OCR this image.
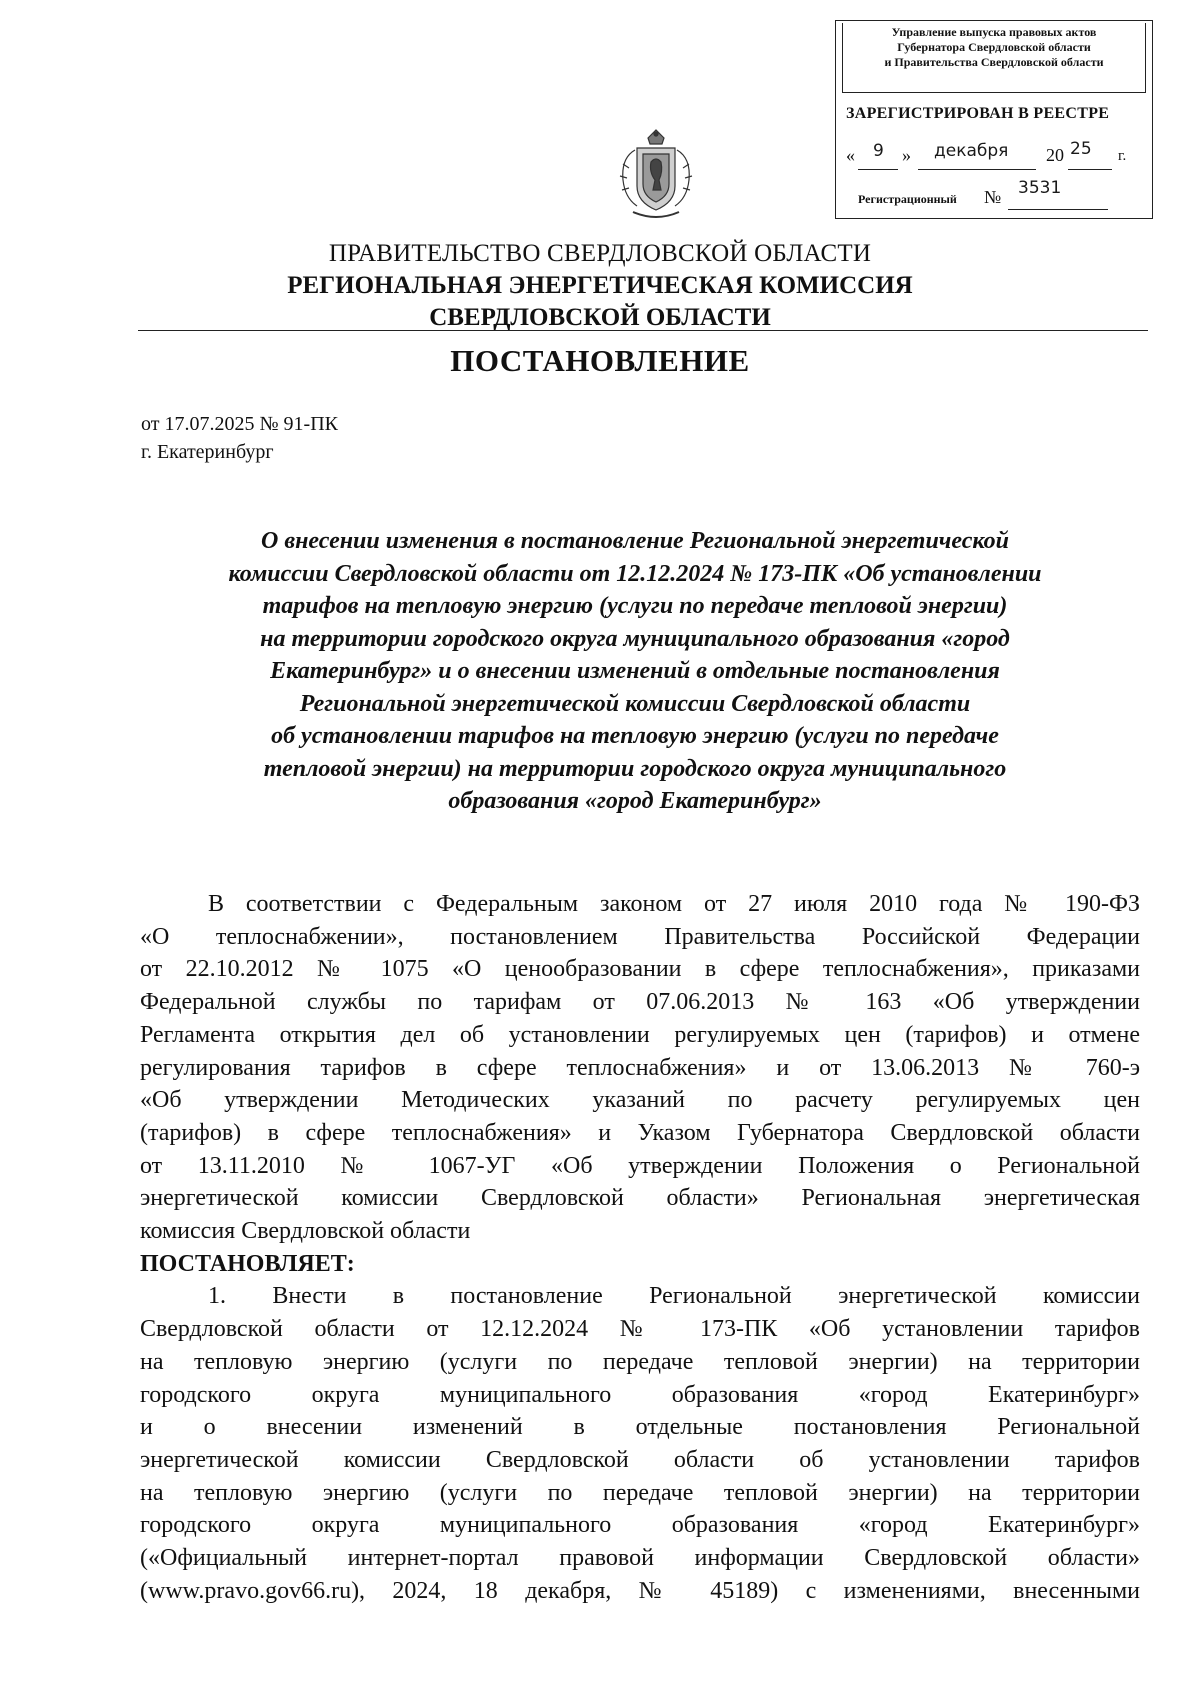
Управление выпуска правовых актов
Губернатора Свердловской области
и Правительства Свердловской области
ЗАРЕГИСТРИРОВАН В РЕЕСТРЕ
« 9 » декабря 20 25 г.
Регистрационный № 3531
ПРАВИТЕЛЬСТВО СВЕРДЛОВСКОЙ ОБЛАСТИ
РЕГИОНАЛЬНАЯ ЭНЕРГЕТИЧЕСКАЯ КОМИССИЯ
СВЕРДЛОВСКОЙ ОБЛАСТИ
ПОСТАНОВЛЕНИЕ
от 17.07.2025 № 91-ПК
г. Екатеринбург
О внесении изменения в постановление Региональной энергетической
комиссии Свердловской области от 12.12.2024 № 173-ПК «Об установлении
тарифов на тепловую энергию (услуги по передаче тепловой энергии)
на территории городского округа муниципального образования «город
Екатеринбург» и о внесении изменений в отдельные постановления
Региональной энергетической комиссии Свердловской области
об установлении тарифов на тепловую энергию (услуги по передаче
тепловой энергии) на территории городского округа муниципального
образования «город Екатеринбург»
В соответствии с Федеральным законом от 27 июля 2010 года № 190-ФЗ
«О теплоснабжении», постановлением Правительства Российской Федерации
от 22.10.2012 № 1075 «О ценообразовании в сфере теплоснабжения», приказами
Федеральной службы по тарифам от 07.06.2013 № 163 «Об утверждении
Регламента открытия дел об установлении регулируемых цен (тарифов) и отмене
регулирования тарифов в сфере теплоснабжения» и от 13.06.2013 № 760-э
«Об утверждении Методических указаний по расчету регулируемых цен
(тарифов) в сфере теплоснабжения» и Указом Губернатора Свердловской области
от 13.11.2010 № 1067-УГ «Об утверждении Положения о Региональной
энергетической комиссии Свердловской области» Региональная энергетическая
комиссия Свердловской области
ПОСТАНОВЛЯЕТ:
1. Внести в постановление Региональной энергетической комиссии
Свердловской области от 12.12.2024 № 173-ПК «Об установлении тарифов
на тепловую энергию (услуги по передаче тепловой энергии) на территории
городского округа муниципального образования «город Екатеринбург»
и о внесении изменений в отдельные постановления Региональной
энергетической комиссии Свердловской области об установлении тарифов
на тепловую энергию (услуги по передаче тепловой энергии) на территории
городского округа муниципального образования «город Екатеринбург»
(«Официальный интернет-портал правовой информации Свердловской области»
(www.pravo.gov66.ru), 2024, 18 декабря, № 45189) с изменениями, внесенными
